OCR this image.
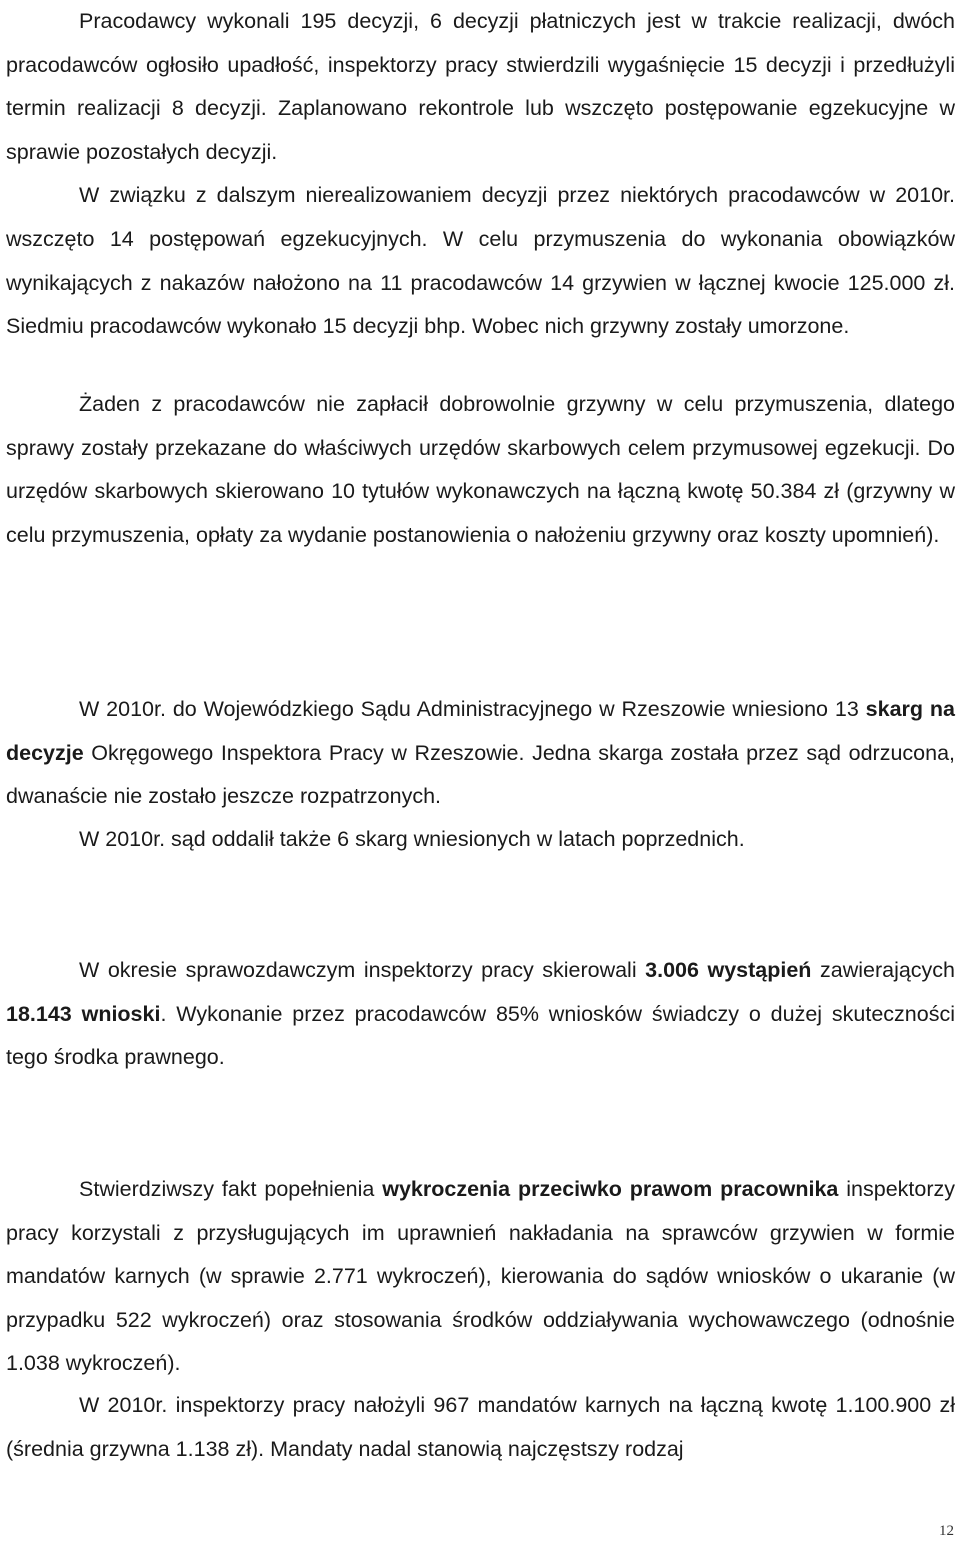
Pracodawcy wykonali 195 decyzji, 6 decyzji płatniczych jest w trakcie realizacji, dwóch pracodawców ogłosiło upadłość, inspektorzy pracy stwierdzili wygaśnięcie 15 decyzji i przedłużyli termin realizacji 8 decyzji. Zaplanowano rekontrole lub wszczęto postępowanie egzekucyjne w sprawie pozostałych decyzji.

W związku z dalszym nierealizowaniem decyzji przez niektórych pracodawców w 2010r. wszczęto 14 postępowań egzekucyjnych. W celu przymuszenia do wykonania obowiązków wynikających z nakazów nałożono na 11 pracodawców 14 grzywien w łącznej kwocie 125.000 zł. Siedmiu pracodawców wykonało 15 decyzji bhp. Wobec nich grzywny zostały umorzone.

Żaden z pracodawców nie zapłacił dobrowolnie grzywny w celu przymuszenia, dlatego sprawy zostały przekazane do właściwych urzędów skarbowych celem przymusowej egzekucji. Do urzędów skarbowych skierowano 10 tytułów wykonawczych na łączną kwotę 50.384 zł (grzywny w celu przymuszenia, opłaty za wydanie postanowienia o nałożeniu grzywny oraz koszty upomnień).

W 2010r. do Wojewódzkiego Sądu Administracyjnego w Rzeszowie wniesiono 13 skarg na decyzje Okręgowego Inspektora Pracy w Rzeszowie. Jedna skarga została przez sąd odrzucona, dwanaście nie zostało jeszcze rozpatrzonych.

W 2010r. sąd oddalił także 6 skarg wniesionych w latach poprzednich.

W okresie sprawozdawczym inspektorzy pracy skierowali 3.006 wystąpień zawierających 18.143 wnioski. Wykonanie przez pracodawców 85% wniosków świadczy o dużej skuteczności tego środka prawnego.

Stwierdziwszy fakt popełnienia wykroczenia przeciwko prawom pracownika inspektorzy pracy korzystali z przysługujących im uprawnień nakładania na sprawców grzywien w formie mandatów karnych (w sprawie 2.771 wykroczeń), kierowania do sądów wniosków o ukaranie (w przypadku 522 wykroczeń) oraz stosowania środków oddziaływania wychowawczego (odnośnie 1.038 wykroczeń).

W 2010r. inspektorzy pracy nałożyli 967 mandatów karnych na łączną kwotę 1.100.900 zł (średnia grzywna 1.138 zł). Mandaty nadal stanowią najczęstszy rodzaj

12
